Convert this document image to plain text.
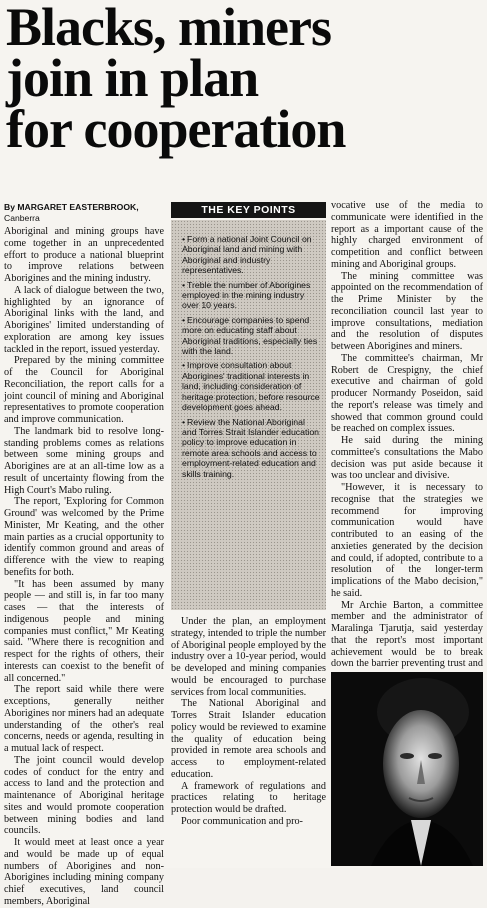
Blacks, miners
join in plan
for cooperation
By MARGARET EASTERBROOK,
Canberra

Aboriginal and mining groups have come together in an unprecedented effort to produce a national blueprint to improve relations between Aborigines and the mining industry.

A lack of dialogue between the two, highlighted by an ignorance of Aboriginal links with the land, and Aborigines' limited understanding of exploration are among key issues tackled in the report, issued yesterday.

Prepared by the mining committee of the Council for Aboriginal Reconciliation, the report calls for a joint council of mining and Aboriginal representatives to promote cooperation and improve communication.

The landmark bid to resolve long-standing problems comes as relations between some mining groups and Aborigines are at an all-time low as a result of uncertainty flowing from the High Court's Mabo ruling.

The report, 'Exploring for Common Ground' was welcomed by the Prime Minister, Mr Keating, and the other main parties as a crucial opportunity to identify common ground and areas of difference with the view to reaping benefits for both.

"It has been assumed by many people — and still is, in far too many cases — that the interests of indigenous people and mining companies must conflict," Mr Keating said. "Where there is recognition and respect for the rights of others, their interests can coexist to the benefit of all concerned."

The report said while there were exceptions, generally neither Aborigines nor miners had an adequate understanding of the other's real concerns, needs or agenda, resulting in a mutual lack of respect.

The joint council would develop codes of conduct for the entry and access to land and the protection and maintenance of Aboriginal heritage sites and would promote cooperation between mining bodies and land councils.

It would meet at least once a year and would be made up of equal numbers of Aborigines and non-Aborigines including mining company chief executives, land council members, Aboriginal

THE KEY POINTS
• Form a national Joint Council on Aboriginal land and mining with Aboriginal and industry representatives.
• Treble the number of Aborigines employed in the mining industry over 10 years.
• Encourage companies to spend more on educating staff about Aboriginal traditions, especially ties with the land.
• Improve consultation about Aborigines' traditional interests in land, including consideration of heritage protection, before resource development goes ahead.
• Review the National Aboriginal and Torres Strait Islander education policy to improve education in remote area schools and access to employment-related education and skills training.

Under the plan, an employment strategy, intended to triple the number of Aboriginal people employed by the industry over a 10-year period, would be developed and mining companies would be encouraged to purchase services from local communities.

The National Aboriginal and Torres Strait Islander education policy would be reviewed to examine the quality of education being provided in remote area schools and access to employment-related education.

A framework of regulations and practices relating to heritage protection would be drafted.

Poor communication and pro-

vocative use of the media to communicate were identified in the report as a important cause of the highly charged environment of competition and conflict between mining and Aboriginal groups.

The mining committee was appointed on the recommendation of the Prime Minister by the reconciliation council last year to improve consultations, mediation and the resolution of disputes between Aborigines and miners.

The committee's chairman, Mr Robert de Crespigny, the chief executive and chairman of gold producer Normandy Poseidon, said the report's release was timely and showed that common ground could be reached on complex issues.

He said during the mining committee's consultations the Mabo decision was put aside because it was too unclear and divisive.

"However, it is necessary to recognise that the strategies we recommend for improving communication would have contributed to an easing of the anxieties generated by the decision and could, if adopted, contribute to a resolution of the longer-term implications of the Mabo decision," he said.

Mr Archie Barton, a committee member and the administrator of Maralinga Tjarutja, said yesterday that the report's most important achievement would be to break down the barrier preventing trust and
